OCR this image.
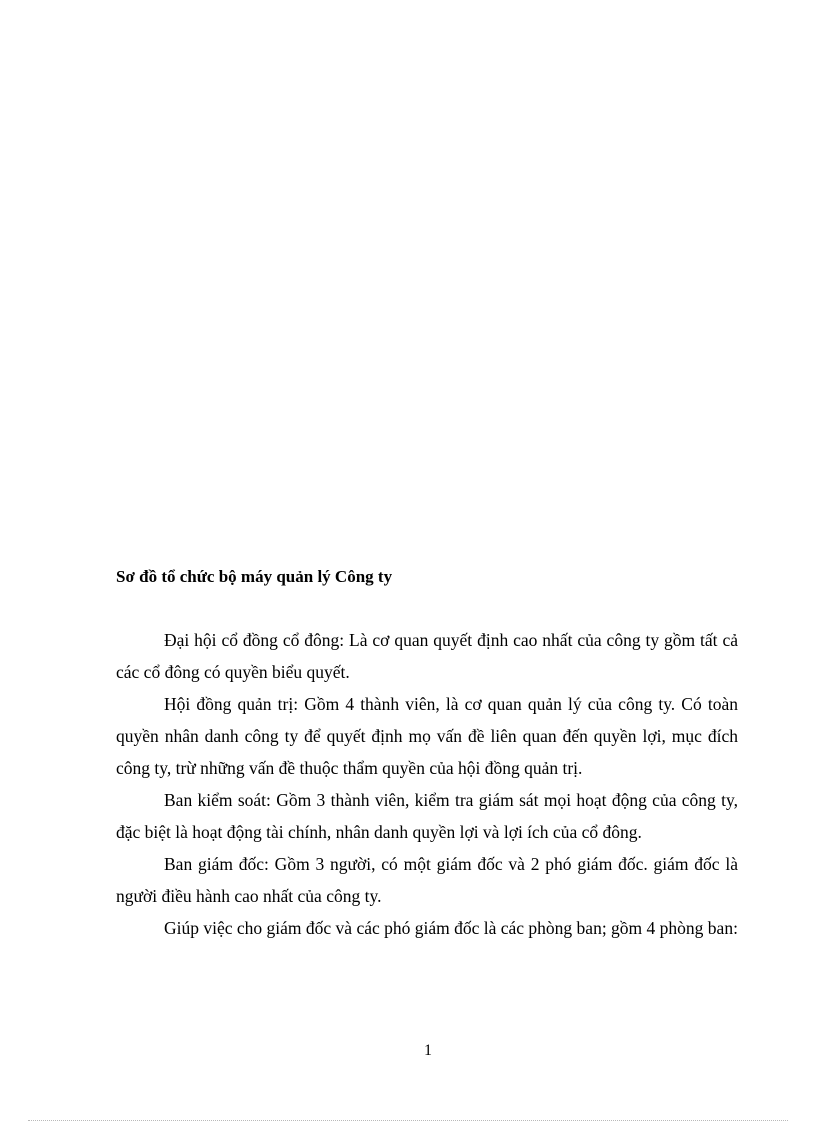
Sơ đồ tổ chức bộ máy quản lý Công ty

Đại hội cổ đồng cổ đông: Là cơ quan quyết định cao nhất của công ty gồm tất cả các cổ đông có quyền biểu quyết.

Hội đồng quản trị: Gồm 4 thành viên, là cơ quan quản lý của công ty. Có toàn quyền nhân danh công ty để quyết định mọ vấn đề liên quan đến quyền lợi, mục đích công ty, trừ những vấn đề thuộc thẩm quyền của hội đồng quản trị.

Ban kiểm soát: Gồm 3 thành viên, kiểm tra giám sát mọi hoạt động của công ty, đặc biệt là hoạt động tài chính, nhân danh quyền lợi và lợi ích của cổ đông.

Ban giám đốc: Gồm 3 người, có một giám đốc và 2 phó giám đốc. giám đốc là người điều hành cao nhất của công ty.

Giúp việc cho giám đốc và các phó giám đốc là các phòng ban; gồm 4 phòng ban:

1
